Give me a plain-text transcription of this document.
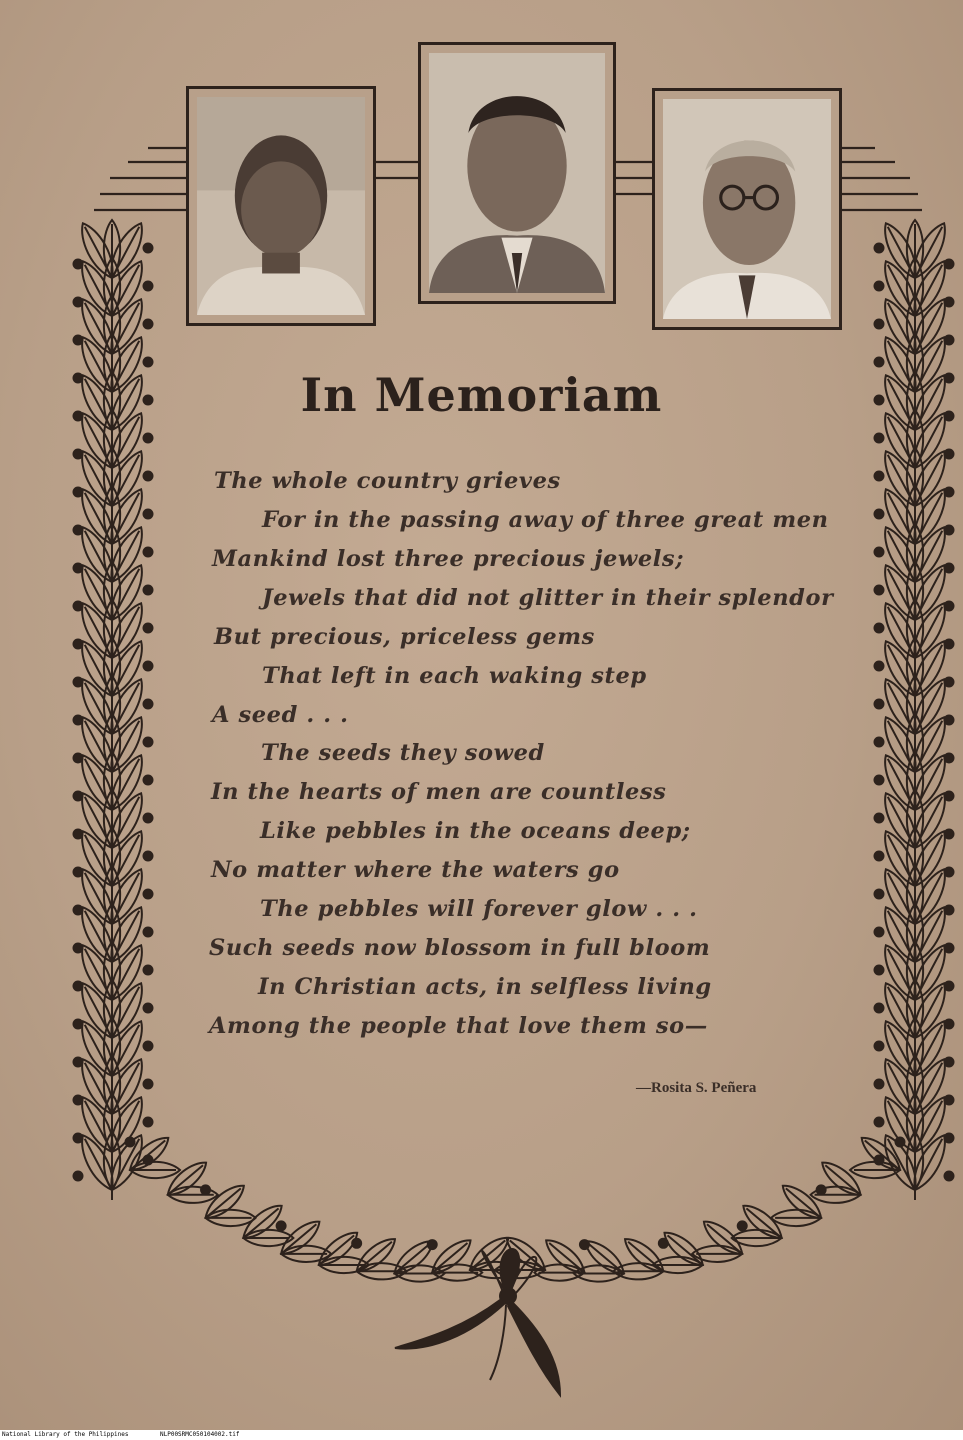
In Memoriam
The whole country grieves
For in the passing away of three great men
Mankind lost three precious jewels;
Jewels that did not glitter in their splendor
But precious, priceless gems
That left in each waking step
A seed . . .
The seeds they sowed
In the hearts of men are countless
Like pebbles in the oceans deep;
No matter where the waters go
The pebbles will forever glow . . .
Such seeds now blossom in full bloom
In Christian acts, in selfless living
Among the people that love them so—
—Rosita S. Peñera
National Library of the Philippines	NLP00SRMC050104002.tif
